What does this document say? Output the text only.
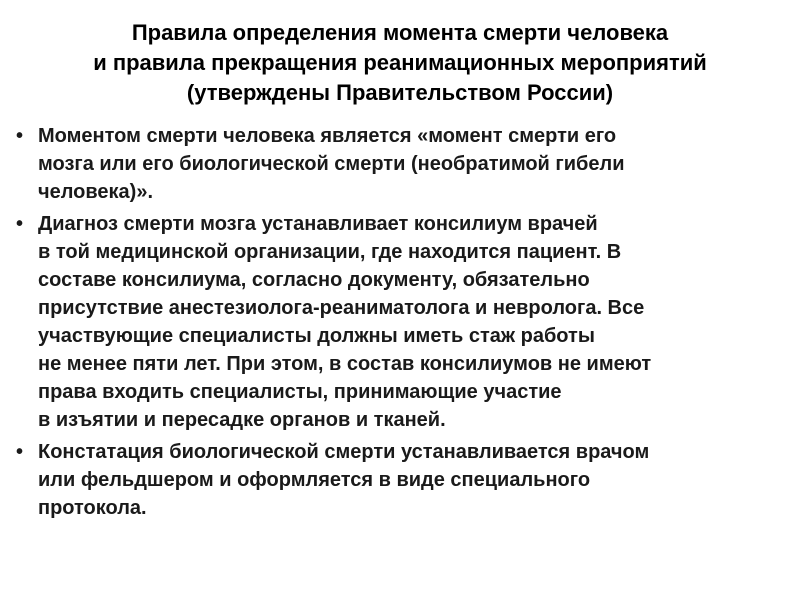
Правила определения момента смерти человека
и правила прекращения реанимационных мероприятий
(утверждены Правительством России)
• Моментом смерти человека является «момент смерти его
мозга или его биологической смерти (необратимой гибели
человека)».
• Диагноз смерти мозга устанавливает консилиум врачей
в той медицинской организации, где находится пациент. В
составе консилиума, согласно документу, обязательно
присутствие анестезиолога-реаниматолога и невролога. Все
участвующие специалисты должны иметь стаж работы
не менее пяти лет. При этом, в состав консилиумов не имеют
права входить специалисты, принимающие участие
в изъятии и пересадке органов и тканей.
• Констатация биологической смерти устанавливается врачом
или фельдшером и оформляется в виде специального
протокола.
